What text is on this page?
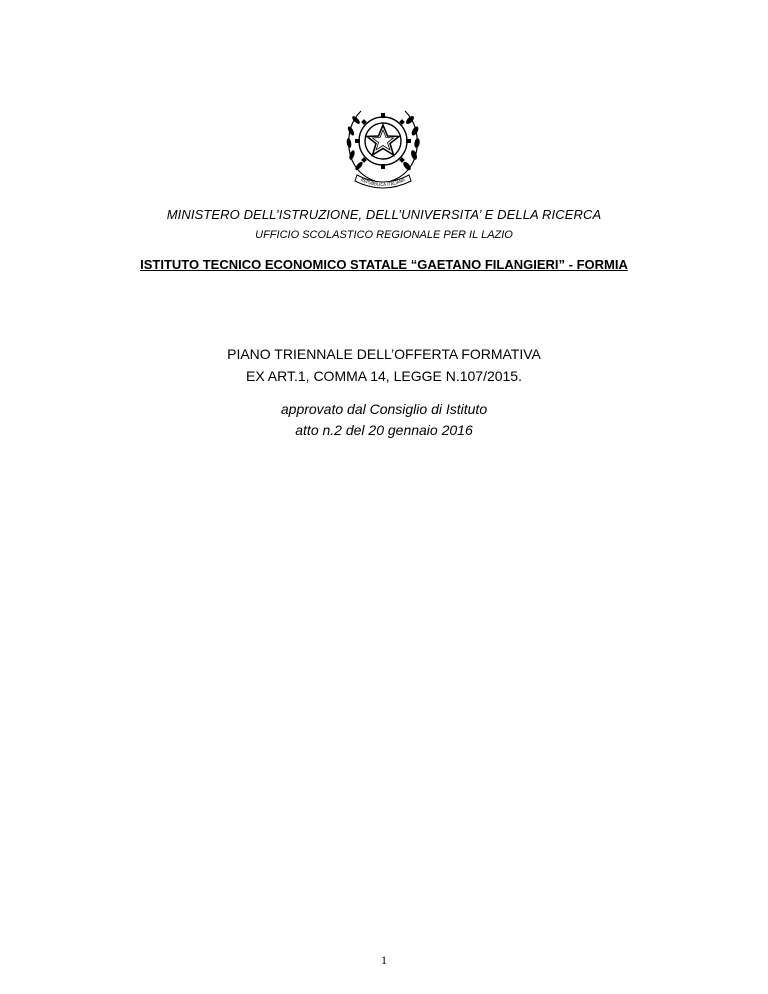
REPUBBLICA ITALIANA
MINISTERO DELL’ISTRUZIONE, DELL’UNIVERSITA’ E DELLA RICERCA
UFFICIO SCOLASTICO REGIONALE PER IL LAZIO
ISTITUTO TECNICO ECONOMICO STATALE “GAETANO FILANGIERI” - FORMIA
PIANO TRIENNALE DELL’OFFERTA FORMATIVA
EX ART.1, COMMA 14, LEGGE N.107/2015.
approvato dal Consiglio di Istituto
atto n.2 del 20 gennaio 2016
1
